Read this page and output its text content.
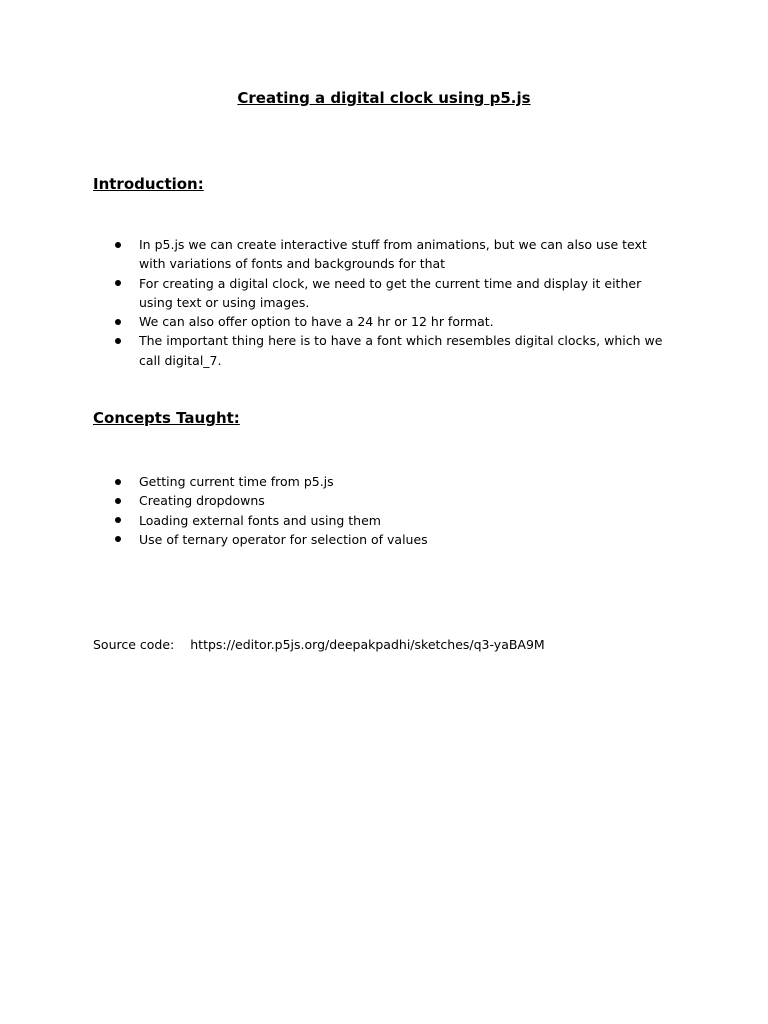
Creating a digital clock using p5.js
Introduction:
In p5.js we can create interactive stuff from animations, but we can also use text with variations of fonts and backgrounds for that
For creating a digital clock, we need to get the current time and display it either using text or using images.
We can also offer option to have a 24 hr or 12 hr format.
The important thing here is to have a font which resembles digital clocks, which we call digital_7.
Concepts Taught:
Getting current time from p5.js
Creating dropdowns
Loading external fonts and using them
Use of ternary operator for selection of values
Source code: https://editor.p5js.org/deepakpadhi/sketches/q3-yaBA9M
